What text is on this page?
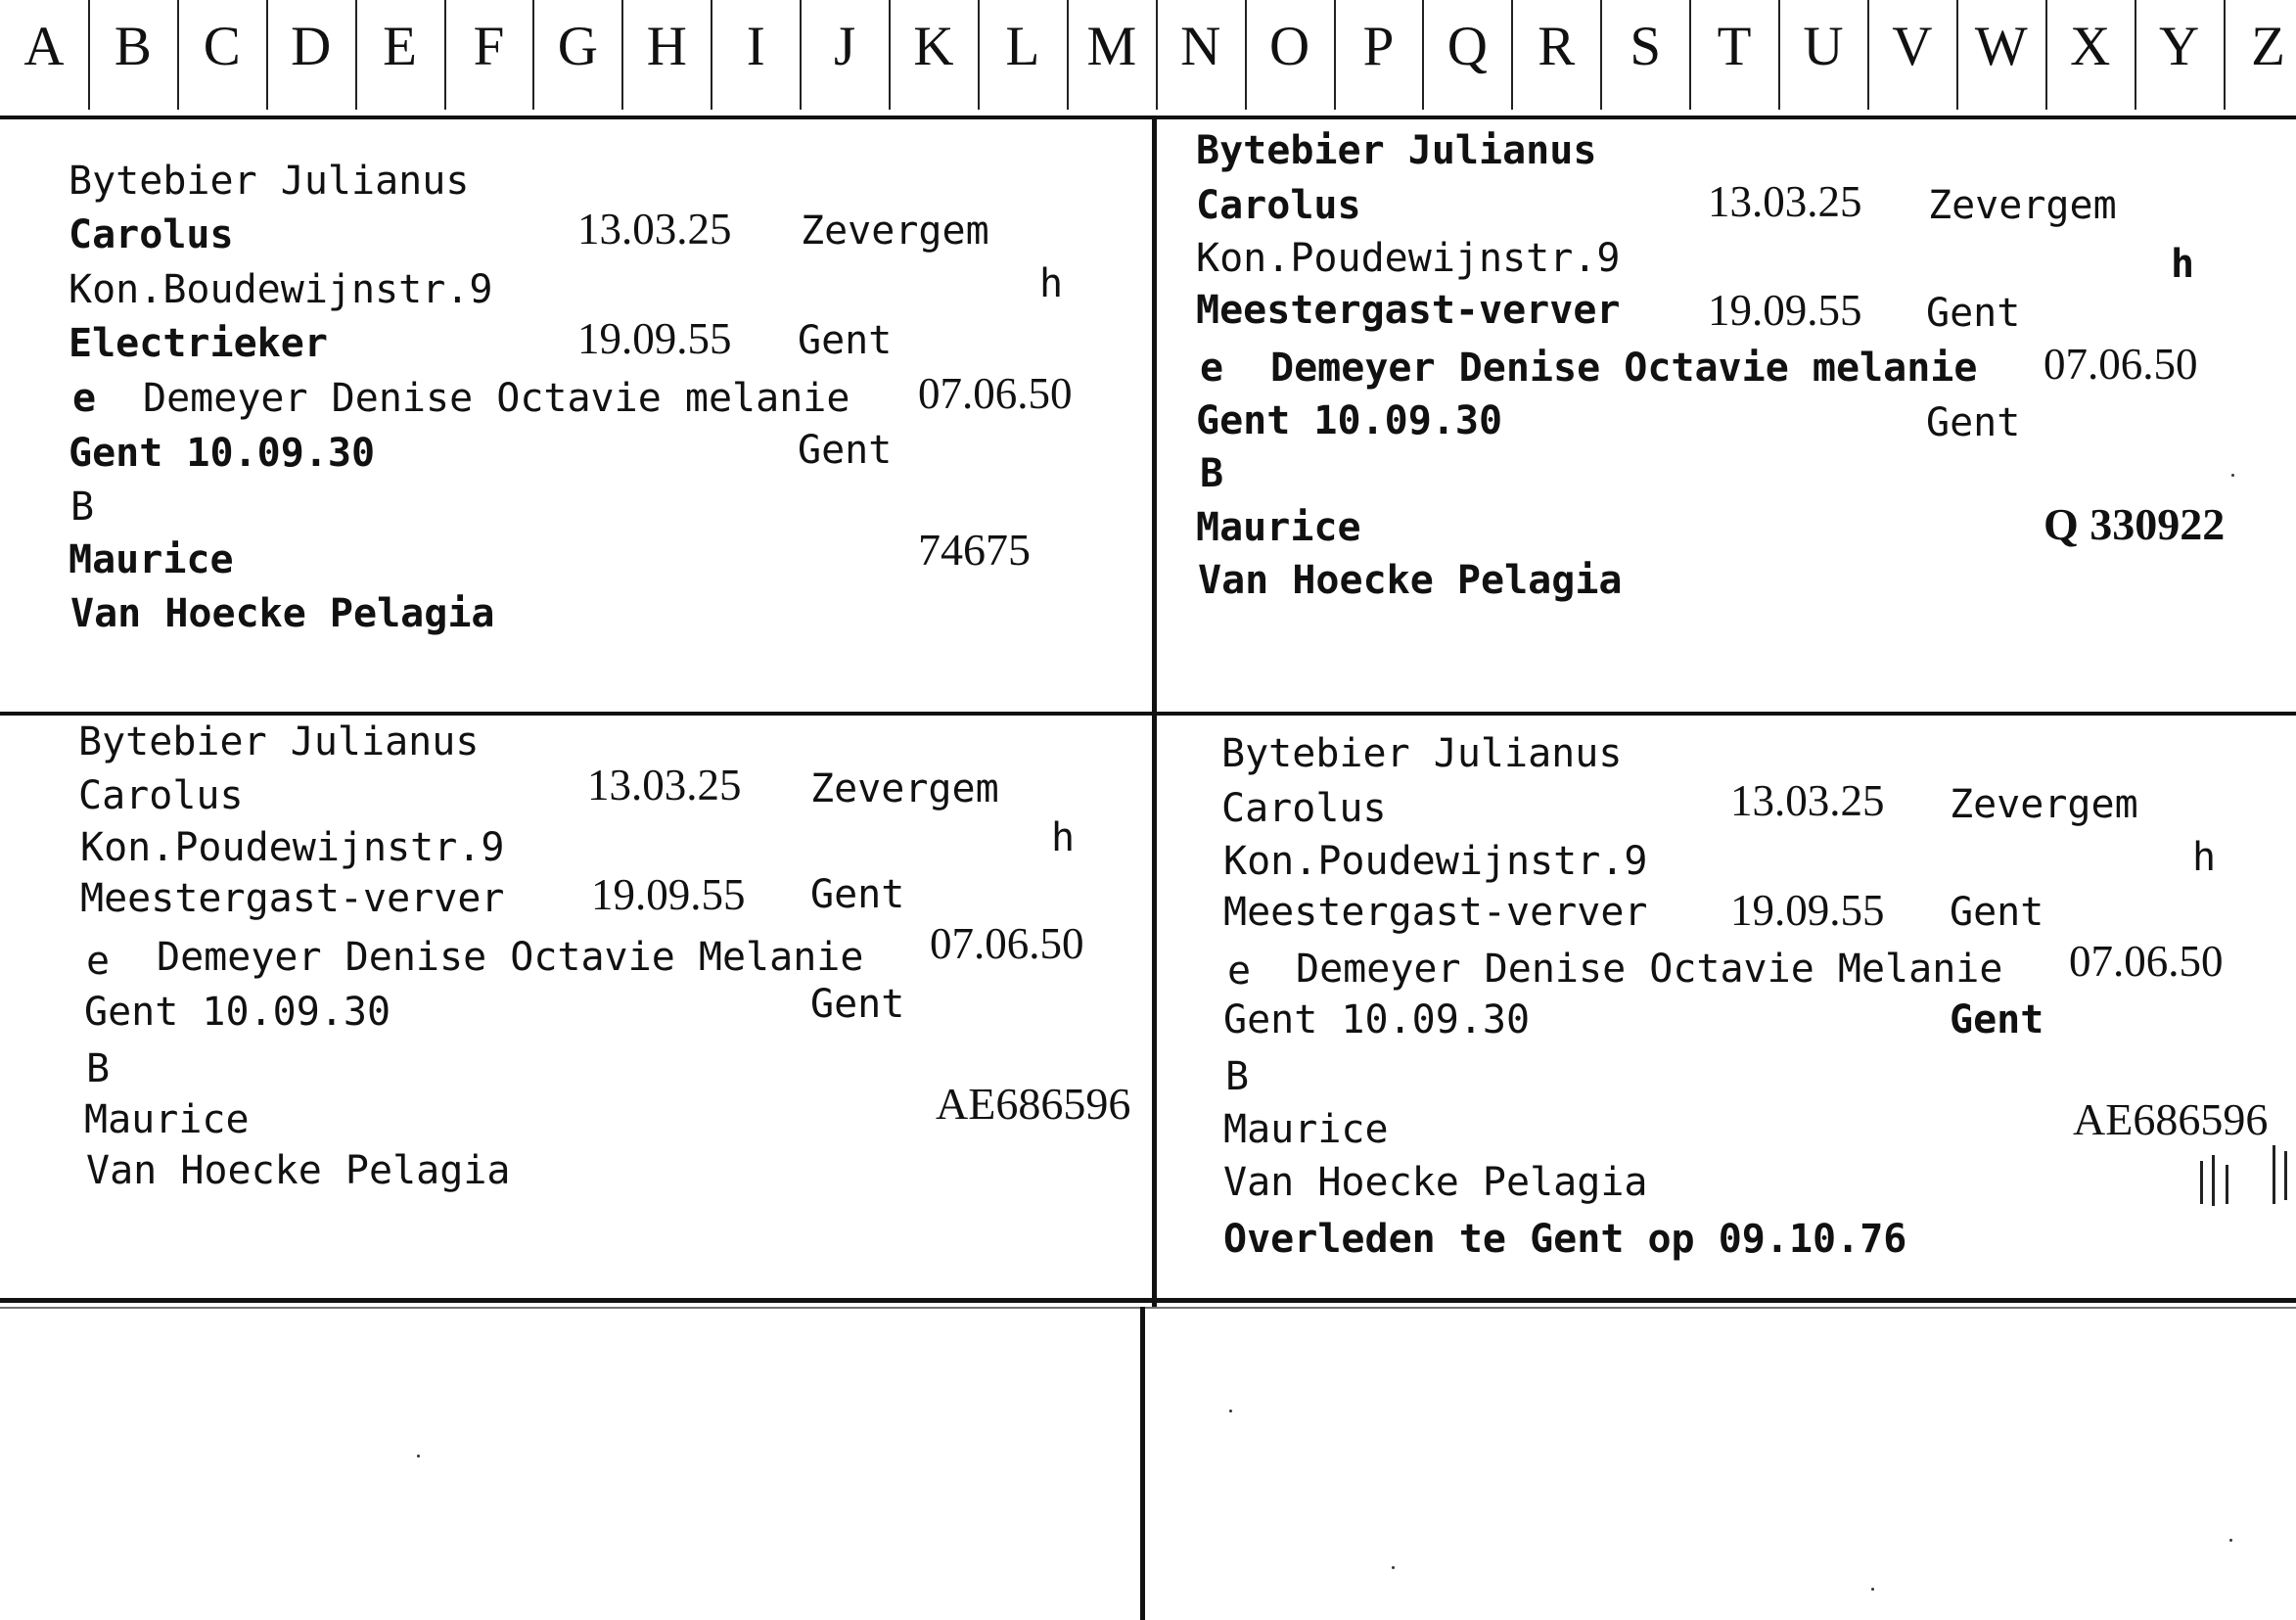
A B C D E	F G H	I	J	K L M N O P Q R S	T U V W X Y Z
Bytebier Julianus
Carolus	13.03.25 Zevergem
Kon.Boudewijnstr.9	h
Electrieker	19.09.55 Gent
e Demeyer Denise Octavie melanie 07.06.50
Gent 10.09.30	Gent
B
Maurice	74675
Van Hoecke Pelagia
Bytebier Julianus
Carolus	13.03.25 Zevergem
Kon.Poudewijnstr.9	h
Meestergast-verver 19.09.55 Gent
e Demeyer Denise Octavie melanie 07.06.50
Gent 10.09.30	Gent
B
Maurice	Q 330922
Van Hoecke Pelagia
Bytebier Julianus
Carolus	13.03.25 Zevergem
Kon.Poudewijnstr.9	h
Meestergast-verver 19.09.55 Gent
e Demeyer Denise Octavie Melanie 07.06.50
Gent 10.09.30	Gent
B
Maurice	AE686596
Van Hoecke Pelagia
Bytebier Julianus
Carolus	13.03.25 Zevergem
Kon.Poudewijnstr.9	h
Meestergast-verver 19.09.55 Gent
e Demeyer Denise Octavie Melanie 07.06.50
Gent 10.09.30	Gent
B
Maurice	AE686596
Van Hoecke Pelagia
Overleden te Gent op 09.10.76
